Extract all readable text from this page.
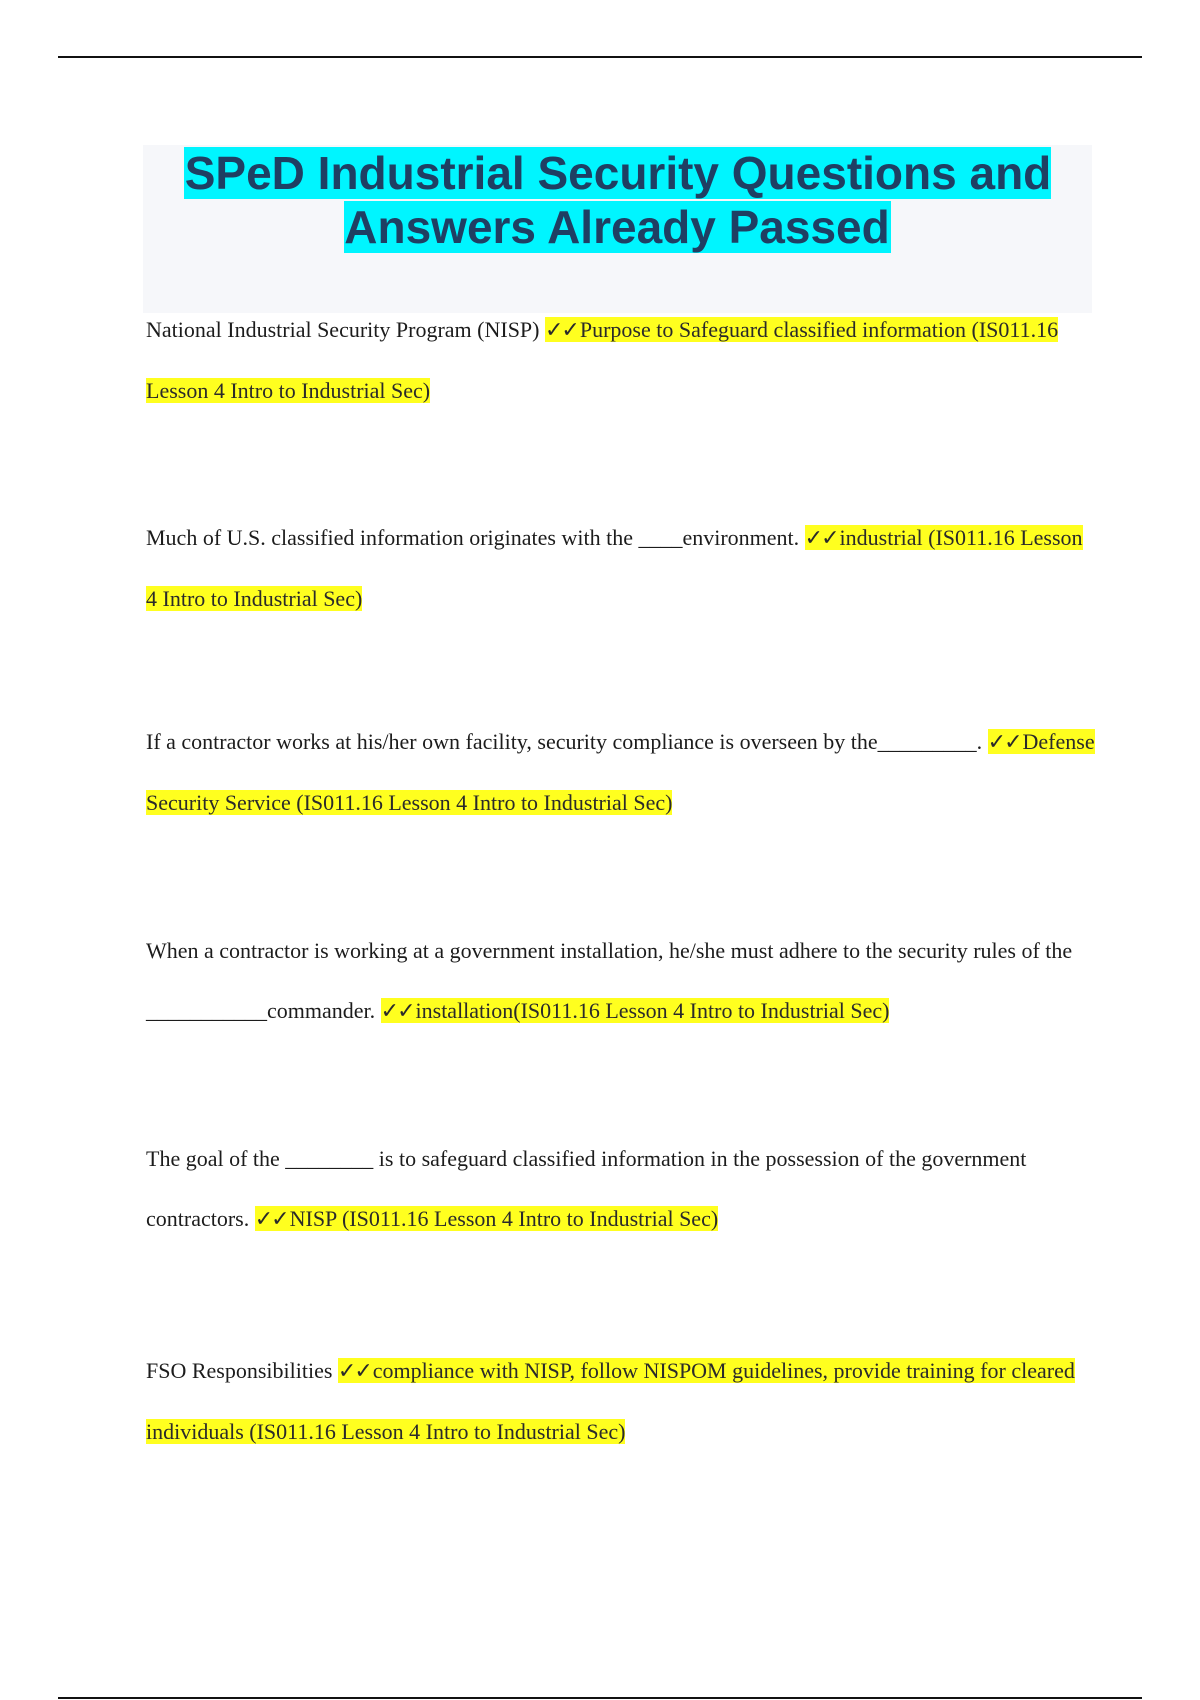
SPeD Industrial Security Questions and Answers Already Passed

National Industrial Security Program (NISP) ✓✓Purpose to Safeguard classified information (IS011.16 Lesson 4 Intro to Industrial Sec)

Much of U.S. classified information originates with the ____environment. ✓✓industrial (IS011.16 Lesson 4 Intro to Industrial Sec)

If a contractor works at his/her own facility, security compliance is overseen by the_________. ✓✓Defense Security Service (IS011.16 Lesson 4 Intro to Industrial Sec)

When a contractor is working at a government installation, he/she must adhere to the security rules of the ___________commander. ✓✓installation(IS011.16 Lesson 4 Intro to Industrial Sec)

The goal of the ________ is to safeguard classified information in the possession of the government contractors. ✓✓NISP (IS011.16 Lesson 4 Intro to Industrial Sec)

FSO Responsibilities ✓✓compliance with NISP, follow NISPOM guidelines, provide training for cleared individuals (IS011.16 Lesson 4 Intro to Industrial Sec)
